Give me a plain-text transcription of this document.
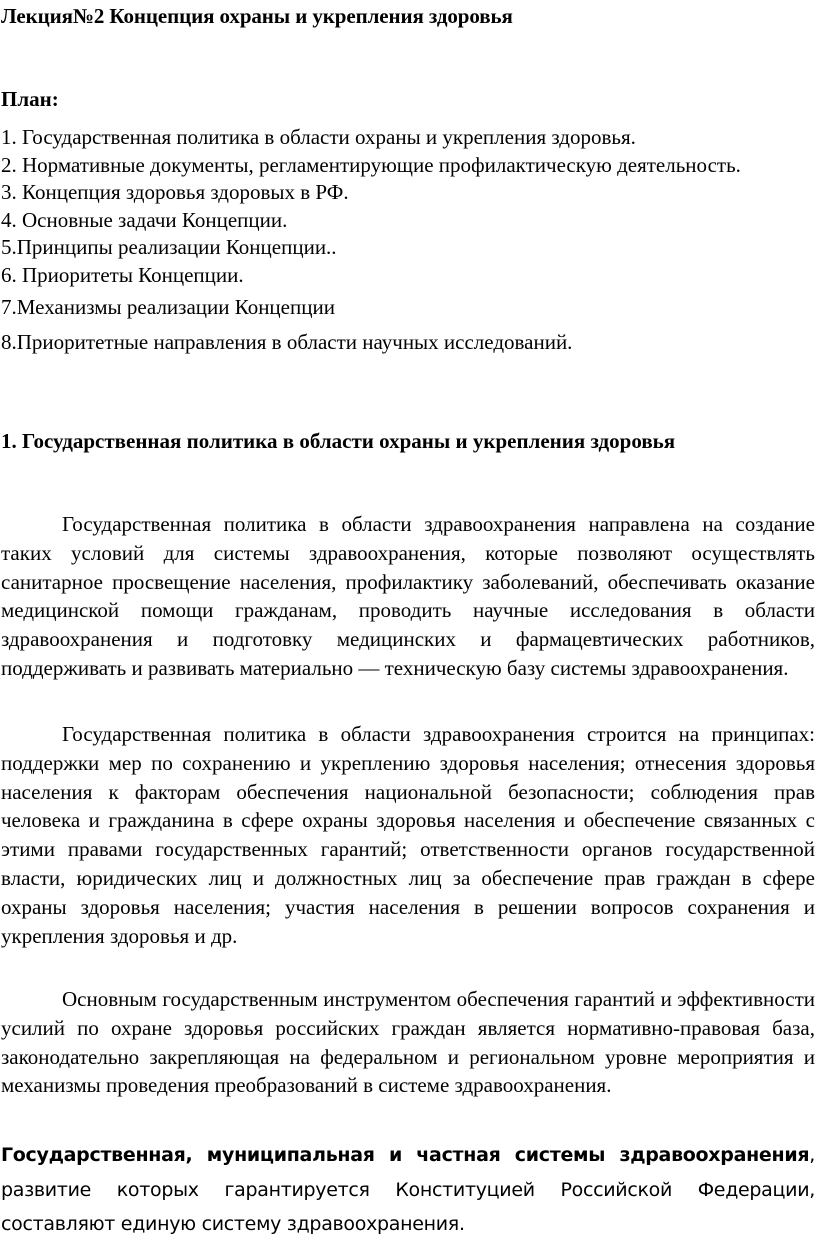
Лекция№2 Концепция охраны и укрепления здоровья

План:

1. Государственная политика в области охраны и укрепления здоровья.
2. Нормативные документы, регламентирующие профилактическую деятельность.
3. Концепция здоровья здоровых в РФ.
4. Основные задачи Концепции.
5.Принципы реализации Концепции..
6. Приоритеты Концепции.
7.Механизмы реализации Концепции
8.Приоритетные направления в области научных исследований.
1. Государственная политика в области охраны и укрепления здоровья

Государственная политика в области здравоохранения направлена на создание таких условий для системы здравоохранения, которые позволяют осуществлять санитарное просвещение населения, профилактику заболеваний, обеспечивать оказание медицинской помощи гражданам, проводить научные исследования в области здравоохранения и подготовку медицинских и фармацевтических работников, поддерживать и развивать материально — техническую базу системы здравоохранения.

Государственная политика в области здравоохранения строится на принципах: поддержки мер по сохранению и укреплению здоровья населения; отнесения здоровья населения к факторам обеспечения национальной безопасности; соблюдения прав человека и гражданина в сфере охраны здоровья населения и обеспечение связанных с этими правами государственных гарантий; ответственности органов государственной власти, юридических лиц и должностных лиц за обеспечение прав граждан в сфере охраны здоровья населения; участия населения в решении вопросов сохранения и укрепления здоровья и др.

Основным государственным инструментом обеспечения гарантий и эффективности усилий по охране здоровья российских граждан является нормативно-правовая база, законодательно закрепляющая на федеральном и региональном уровне мероприятия и механизмы проведения преобразований в системе здравоохранения.

Государственная, муниципальная и частная системы здравоохранения, развитие которых гарантируется Конституцией Российской Федерации, составляют единую систему здравоохранения.
